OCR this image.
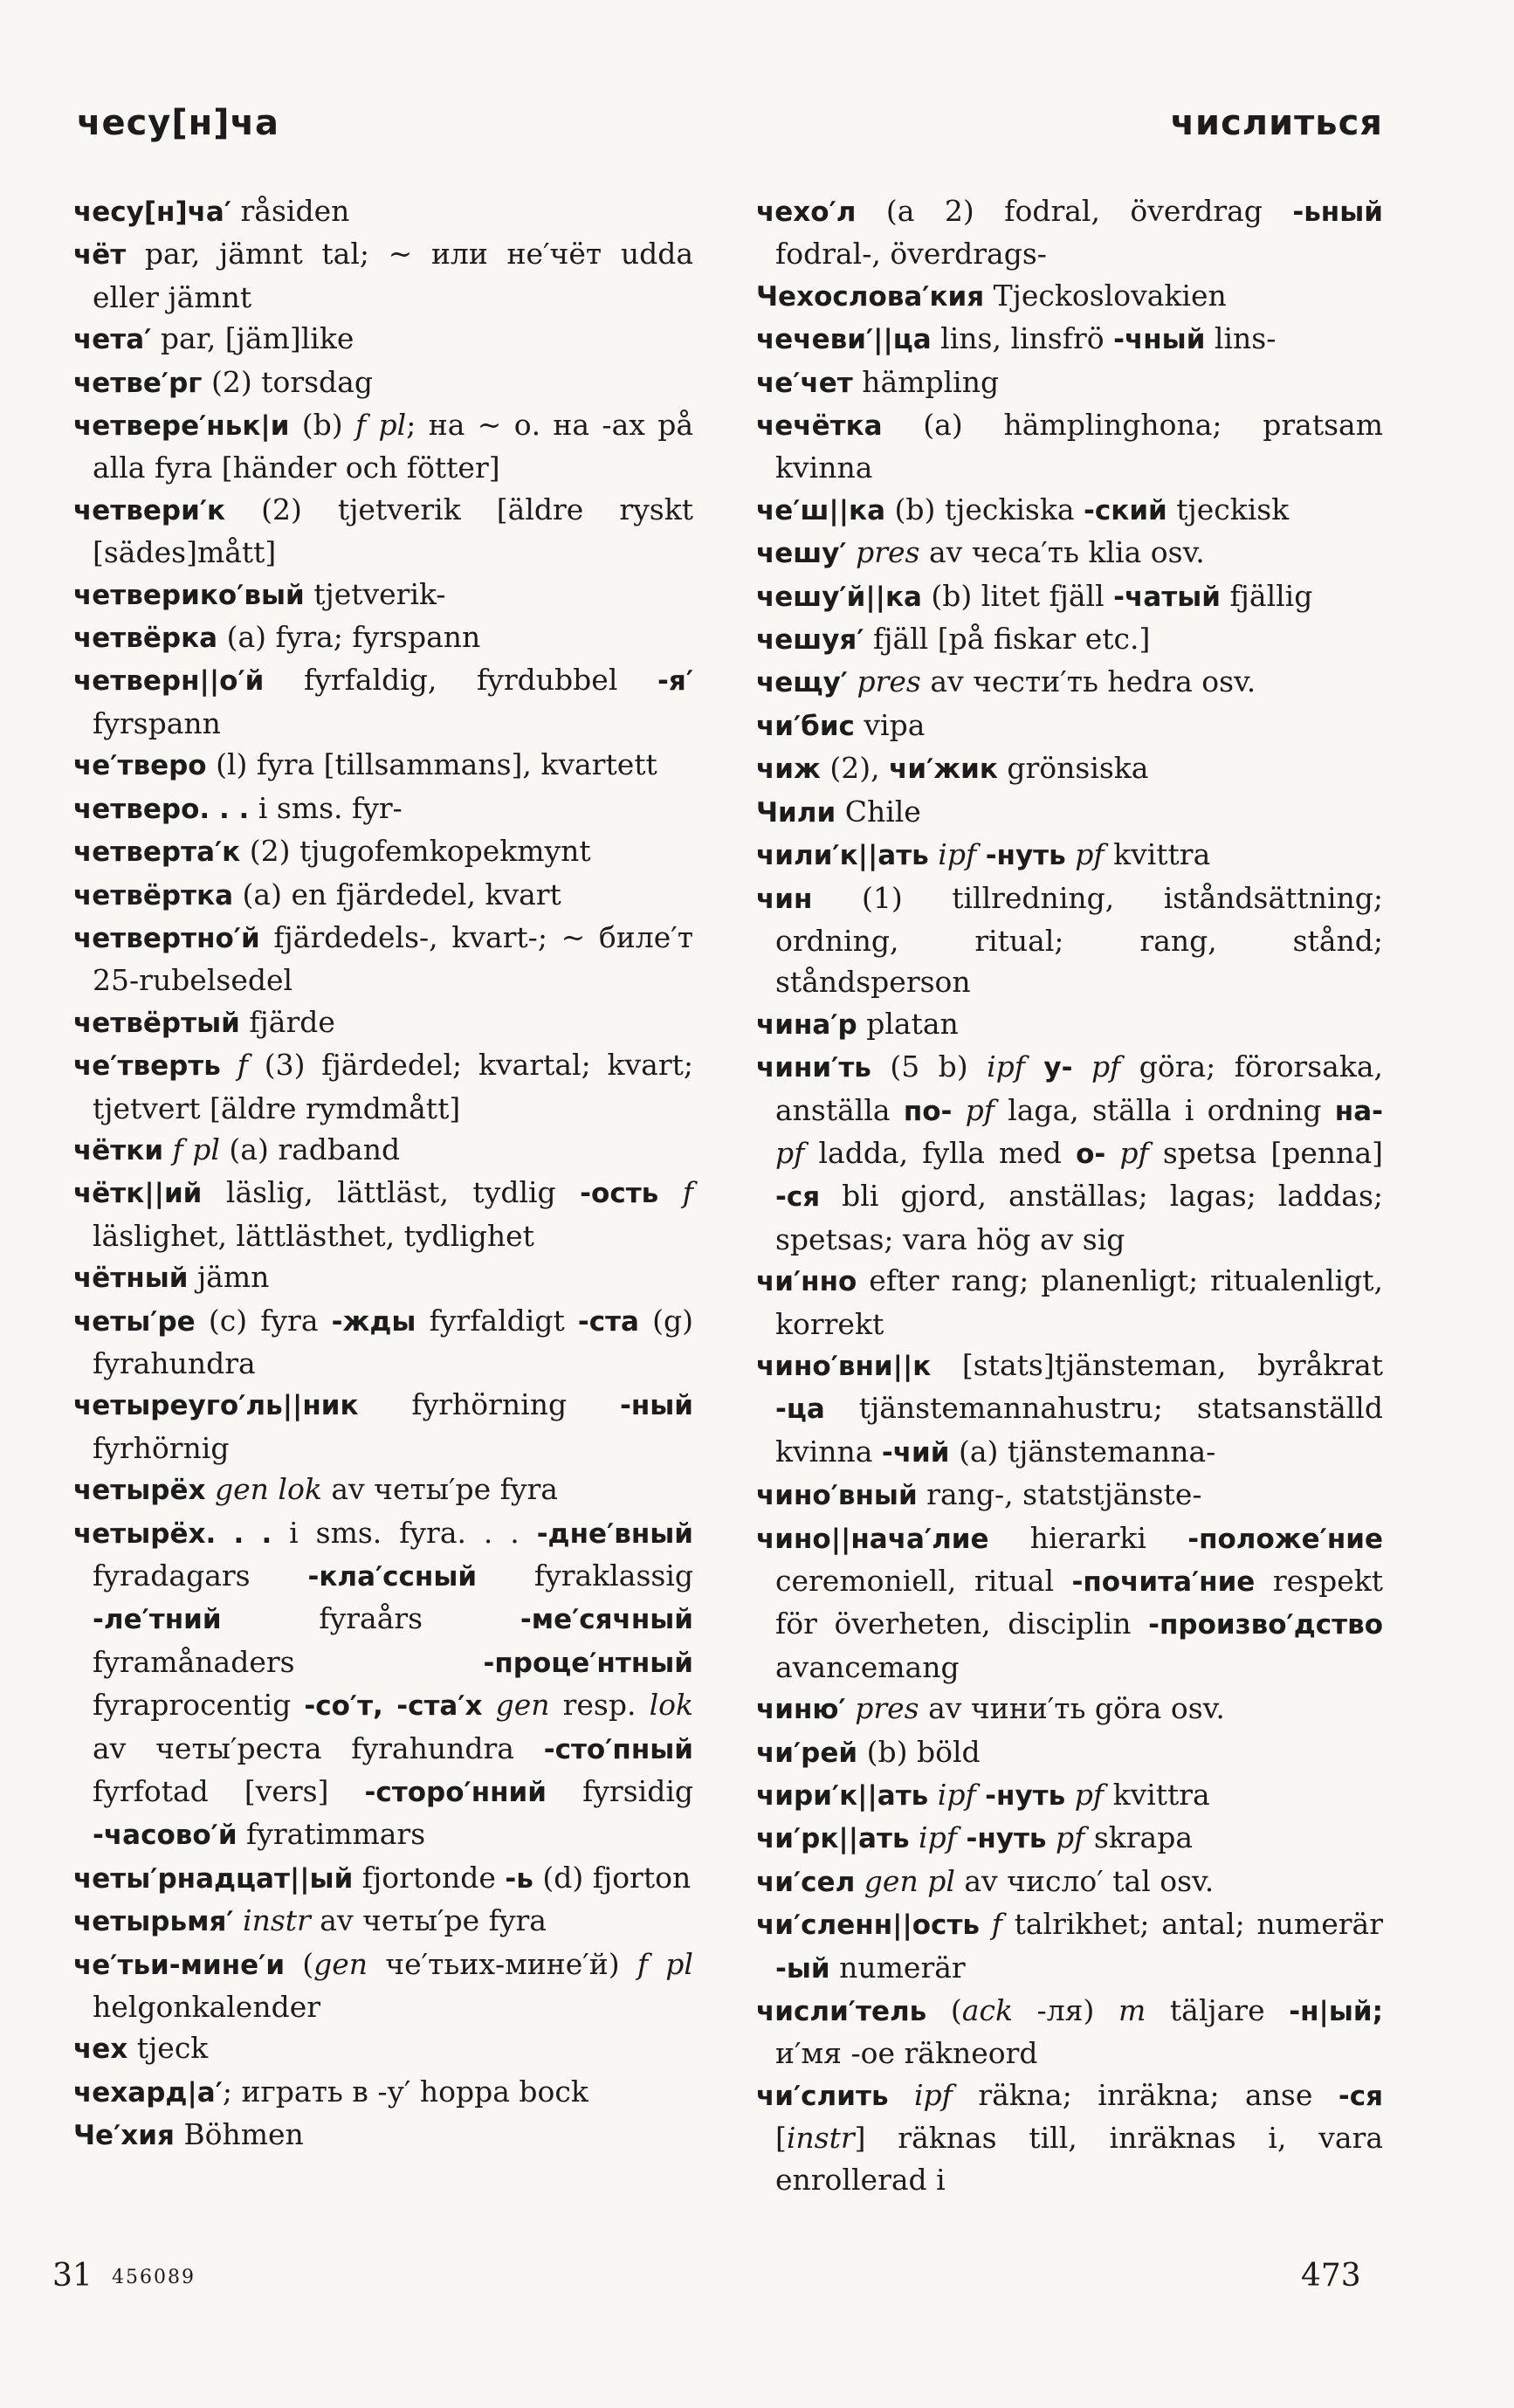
чесу[н]ча	числиться
чесу[н]ча′ råsiden
чёт par, jämnt tal; ~ или не′чёт udda eller jämnt
чета′ par, [jäm]like
четве′рг (2) torsdag
четвере′ньк|и (b) f pl; на ~ о. на -ах på alla fyra [händer och fötter]
четвери′к (2) tjetverik [äldre ryskt [sädes]mått]
четверико′вый tjetverik-
четвёрка (a) fyra; fyrspann
четверн||о′й fyrfaldig, fyrdubbel -я′ fyrspann
че′тверо (l) fyra [tillsammans], kvartett
четверо. . . i sms. fyr-
четверта′к (2) tjugofemkopekmynt
четвёртка (a) en fjärdedel, kvart
четвертно′й fjärdedels-, kvart-; ~ биле′т 25-rubelsedel
четвёртый fjärde
че′тверть f (3) fjärdedel; kvartal; kvart; tjetvert [äldre rymdmått]
чётки f pl (a) radband
чётк||ий läslig, lättläst, tydlig -ость f läslighet, lättlästhet, tydlighet
чётный jämn
четы′ре (c) fyra -жды fyrfaldigt -ста (g) fyrahundra
четыреуго′ль||ник fyrhörning -ный fyrhörnig
четырёх gen lok av четы′ре fyra
четырёх. . . i sms. fyra. . . -дне′вный fyradagars -кла′ссный fyraklassig -ле′тний fyraårs -ме′сячный fyramånaders -проце′нтный fyraprocentig -со′т, -ста′х gen resp. lok av четы′реста fyrahundra -сто′пный fyrfotad [vers] -сторо′нний fyrsidig -часово′й fyratimmars
четы′рнадцат||ый fjortonde -ь (d) fjorton
четырьмя′ instr av четы′ре fyra
че′тьи-мине′и (gen че′тьих-мине′й) f pl helgonkalender
чех tjeck
чехард|а′; играть в -у′ hoppa bock
Че′хия Böhmen
чехо′л (a 2) fodral, överdrag -ьный fodral-, överdrags-
Чехослова′кия Tjeckoslovakien
чечеви′||ца lins, linsfrö -чный lins-
че′чет hämpling
чечётка (a) hämplinghona; pratsam kvinna
че′ш||ка (b) tjeckiska -ский tjeckisk
чешу′ pres av чеса′ть klia osv.
чешу′й||ка (b) litet fjäll -чатый fjällig
чешуя′ fjäll [på fiskar etc.]
чещу′ pres av чести′ть hedra osv.
чи′бис vipa
чиж (2), чи′жик grönsiska
Чили Chile
чили′к||ать ipf -нуть pf kvittra
чин (1) tillredning, iståndsättning; ordning, ritual; rang, stånd; ståndsperson
чина′р platan
чини′ть (5 b) ipf у- pf göra; förorsaka, anställa по- pf laga, ställa i ordning на- pf ladda, fylla med о- pf spetsa [penna] -ся bli gjord, anställas; lagas; laddas; spetsas; vara hög av sig
чи′нно efter rang; planenligt; ritualenligt, korrekt
чино′вни||к [stats]tjänsteman, byråkrat -ца tjänstemannahustru; statsanställd kvinna -чий (a) tjänstemanna-
чино′вный rang-, statstjänste-
чино||нача′лие hierarki -положе′ние ceremoniell, ritual -почита′ние respekt för överheten, disciplin -произво′дство avancemang
чиню′ pres av чини′ть göra osv.
чи′рей (b) böld
чири′к||ать ipf -нуть pf kvittra
чи′рк||ать ipf -нуть pf skrapa
чи′сел gen pl av число′ tal osv.
чи′сленн||ость f talrikhet; antal; numerär -ый numerär
числи′тель (ack -ля) m täljare -н|ый; и′мя -ое räkneord
чи′слить ipf räkna; inräkna; anse -ся [instr] räknas till, inräknas i, vara enrollerad i
31 456089	473
